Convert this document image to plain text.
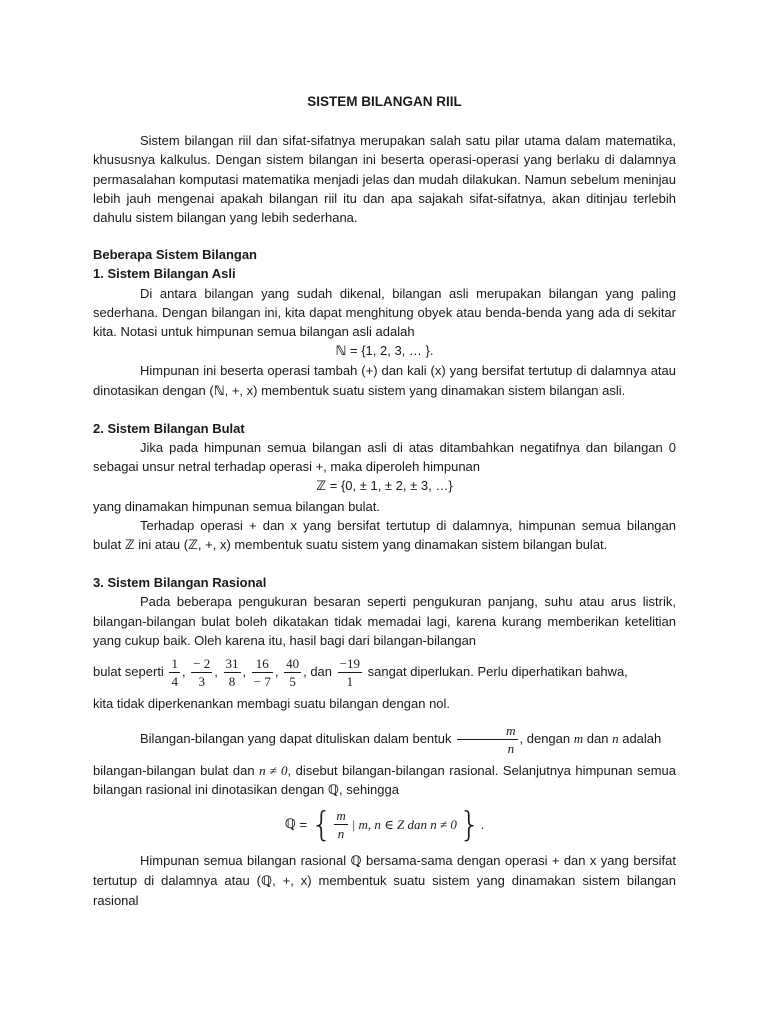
SISTEM BILANGAN RIIL

Sistem bilangan riil dan sifat-sifatnya merupakan salah satu pilar utama dalam matematika, khususnya kalkulus. Dengan sistem bilangan ini beserta operasi-operasi yang berlaku di dalamnya permasalahan komputasi matematika menjadi jelas dan mudah dilakukan. Namun sebelum meninjau lebih jauh mengenai apakah bilangan riil itu dan apa sajakah sifat-sifatnya, akan ditinjau terlebih dahulu sistem bilangan yang lebih sederhana.

Beberapa Sistem Bilangan
1. Sistem Bilangan Asli

Di antara bilangan yang sudah dikenal, bilangan asli merupakan bilangan yang paling sederhana. Dengan bilangan ini, kita dapat menghitung obyek atau benda-benda yang ada di sekitar kita. Notasi untuk himpunan semua bilangan asli adalah

ℕ = {1, 2, 3, … }.

Himpunan ini beserta operasi tambah (+) dan kali (x) yang bersifat tertutup di dalamnya atau dinotasikan dengan (ℕ, +, x) membentuk suatu sistem yang dinamakan sistem bilangan asli.

2. Sistem Bilangan Bulat

Jika pada himpunan semua bilangan asli di atas ditambahkan negatifnya dan bilangan 0 sebagai unsur netral terhadap operasi +, maka diperoleh himpunan

ℤ = {0, ± 1, ± 2, ± 3, …}

yang dinamakan himpunan semua bilangan bulat.

Terhadap operasi + dan x yang bersifat tertutup di dalamnya, himpunan semua bilangan bulat ℤ ini atau (ℤ, +, x) membentuk suatu sistem yang dinamakan sistem bilangan bulat.

3. Sistem Bilangan Rasional

Pada beberapa pengukuran besaran seperti pengukuran panjang, suhu atau arus listrik, bilangan-bilangan bulat boleh dikatakan tidak memadai lagi, karena kurang memberikan ketelitian yang cukup baik. Oleh karena itu, hasil bagi dari bilangan-bilangan

bulat seperti $\frac{1}{4}$ , $\frac{- 2}{3}$ , $\frac{31}{8}$ , $\frac{16}{- 7}$ , $\frac{40}{5}$ , dan $\frac{-19}{1}$ sangat diperlukan. Perlu diperhatikan bahwa,

kita tidak diperkenankan membagi suatu bilangan dengan nol.

Bilangan-bilangan yang dapat dituliskan dalam bentuk $\frac{m}{n}$ , dengan m dan n adalah

bilangan-bilangan bulat dan n ≠ 0, disebut bilangan-bilangan rasional. Selanjutnya himpunan semua bilangan rasional ini dinotasikan dengan ℚ, sehingga

ℚ = { $\frac{m}{n}$ | m, n ∈ Z dan n ≠ 0 } .

Himpunan semua bilangan rasional ℚ bersama-sama dengan operasi + dan x yang bersifat tertutup di dalamnya atau (ℚ, +, x) membentuk suatu sistem yang dinamakan sistem bilangan rasional
